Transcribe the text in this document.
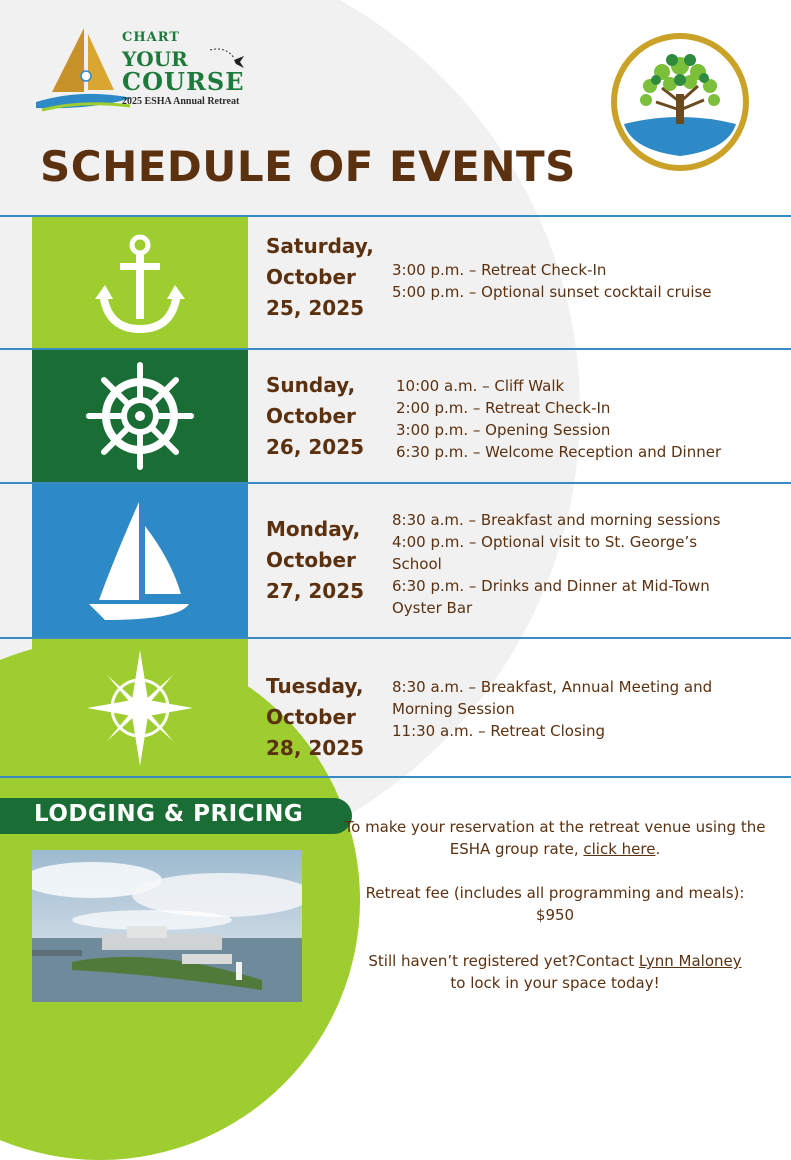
CHART
YOUR
COURSE
2025 ESHA Annual Retreat
SCHEDULE OF EVENTS
Saturday,
October
25, 2025
3:00 p.m. – Retreat Check-In
5:00 p.m. – Optional sunset cocktail cruise
Sunday,
October
26, 2025
10:00 a.m. – Cliff Walk
2:00 p.m. – Retreat Check-In
3:00 p.m. – Opening Session
6:30 p.m. – Welcome Reception and Dinner
Monday,
October
27, 2025
8:30 a.m. – Breakfast and morning sessions
4:00 p.m. – Optional visit to St. George’s School
6:30 p.m. – Drinks and Dinner at Mid-Town Oyster Bar
Tuesday,
October
28, 2025
8:30 a.m. – Breakfast, Annual Meeting and Morning Session
11:30 a.m. – Retreat Closing
LODGING & PRICING	To make your reservation at the retreat venue using the ESHA group rate, click here.
Retreat fee (includes all programming and meals):
$950
Still haven’t registered yet?Contact Lynn Maloney
to lock in your space today!
